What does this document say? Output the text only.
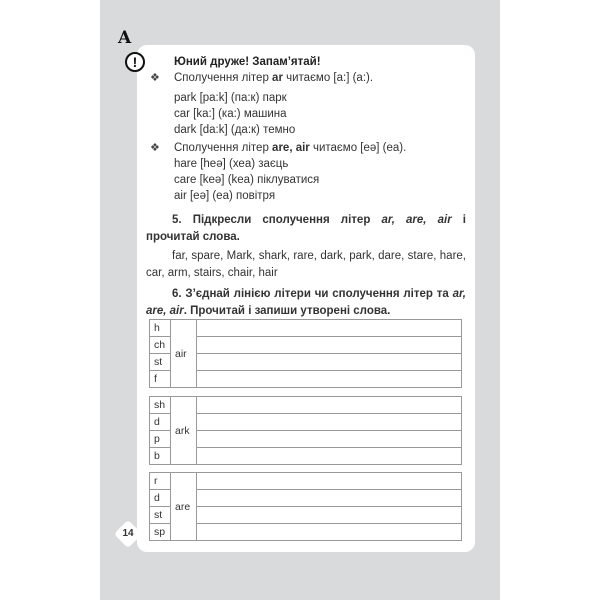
A
!	Юний друже! Запам’ятай!
❖ Сполучення літер ar читаємо [a:] (a:).
park [pa:k] (па:к) парк
car [ka:] (ка:) машина
dark [da:k] (да:к) темно
❖ Сполучення літер are, air читаємо [eə] (еа).
hare [heə] (хеа) заєць
care [keə] (kea) піклуватися
air [eə] (еа) повітря
5. Підкресли сполучення літер ar, are, air і прочитай слова.
far, spare, Mark, shark, rare, dark, park, dare, stare, hare, car, arm, stairs, chair, hair
6. З’єднай лінією літери чи сполучення літер та ar, are, air. Прочитай і запиши утворені слова.
h	air	
ch		
st		
f		
sh	ark	
d		
p		
b		
r	are	
d		
st		
sp		
14
